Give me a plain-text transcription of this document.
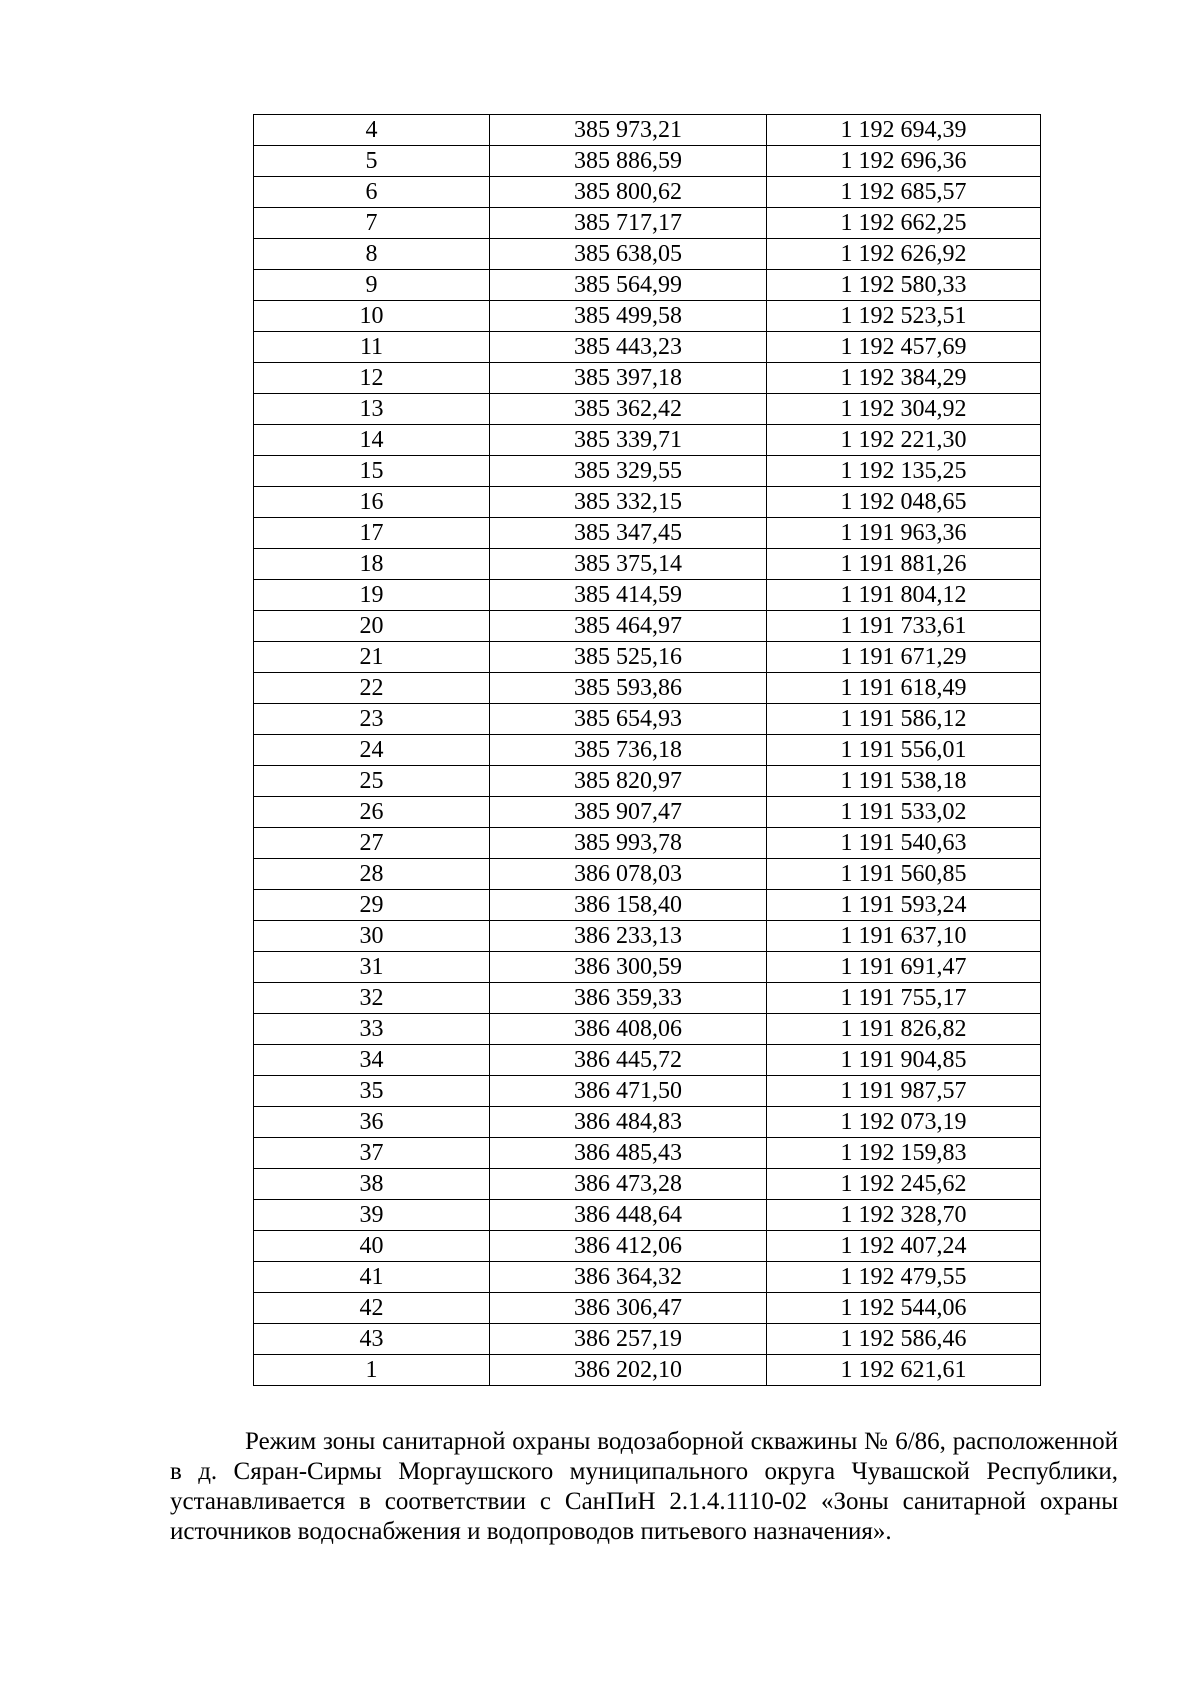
4	385 973,21	1 192 694,39
5	385 886,59	1 192 696,36
6	385 800,62	1 192 685,57
7	385 717,17	1 192 662,25
8	385 638,05	1 192 626,92
9	385 564,99	1 192 580,33
10	385 499,58	1 192 523,51
11	385 443,23	1 192 457,69
12	385 397,18	1 192 384,29
13	385 362,42	1 192 304,92
14	385 339,71	1 192 221,30
15	385 329,55	1 192 135,25
16	385 332,15	1 192 048,65
17	385 347,45	1 191 963,36
18	385 375,14	1 191 881,26
19	385 414,59	1 191 804,12
20	385 464,97	1 191 733,61
21	385 525,16	1 191 671,29
22	385 593,86	1 191 618,49
23	385 654,93	1 191 586,12
24	385 736,18	1 191 556,01
25	385 820,97	1 191 538,18
26	385 907,47	1 191 533,02
27	385 993,78	1 191 540,63
28	386 078,03	1 191 560,85
29	386 158,40	1 191 593,24
30	386 233,13	1 191 637,10
31	386 300,59	1 191 691,47
32	386 359,33	1 191 755,17
33	386 408,06	1 191 826,82
34	386 445,72	1 191 904,85
35	386 471,50	1 191 987,57
36	386 484,83	1 192 073,19
37	386 485,43	1 192 159,83
38	386 473,28	1 192 245,62
39	386 448,64	1 192 328,70
40	386 412,06	1 192 407,24
41	386 364,32	1 192 479,55
42	386 306,47	1 192 544,06
43	386 257,19	1 192 586,46
1	386 202,10	1 192 621,61

Режим зоны санитарной охраны водозаборной скважины № 6/86, расположенной в д. Сяран-Сирмы Моргаушского муниципального округа Чувашской Республики, устанавливается в соответствии с СанПиН 2.1.4.1110-02 «Зоны санитарной охраны источников водоснабжения и водопроводов питьевого назначения».
